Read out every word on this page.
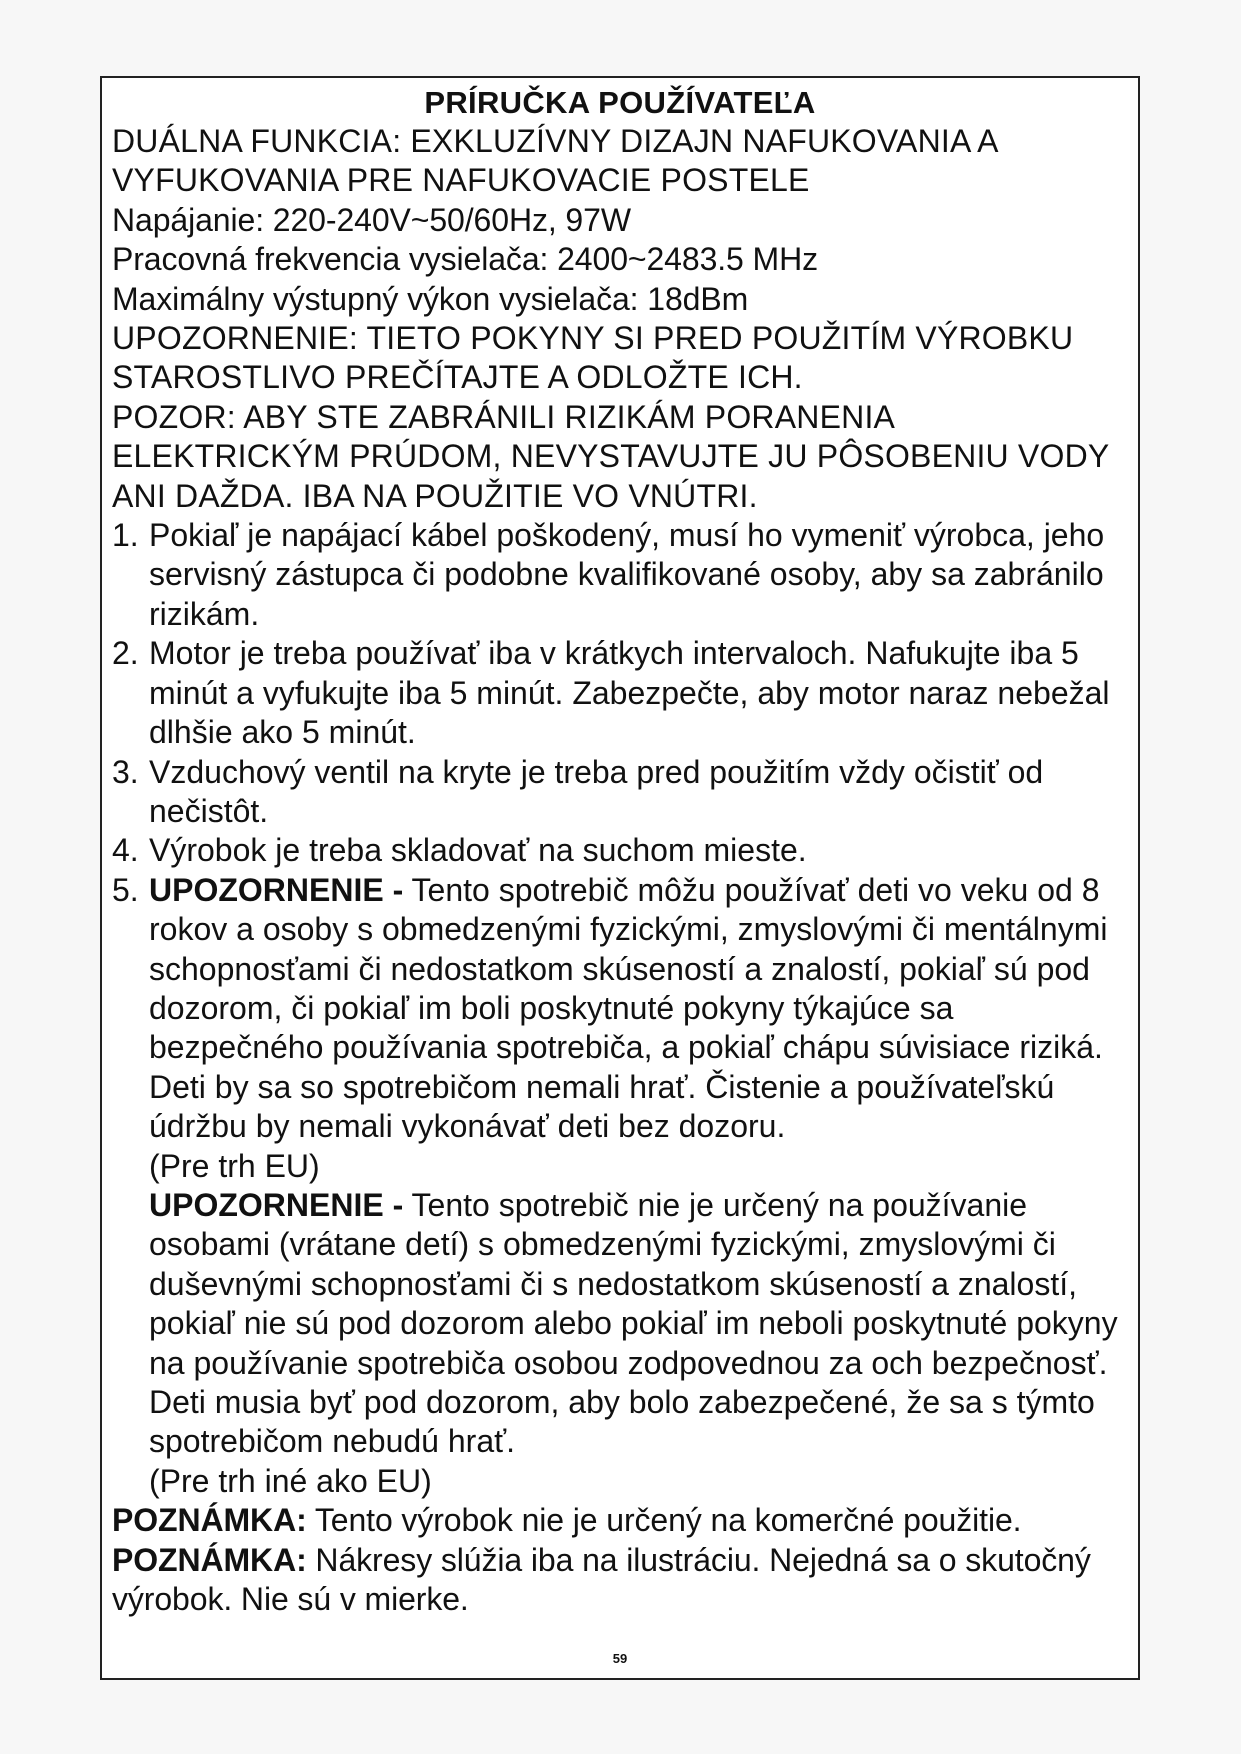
PRÍRUČKA POUŽÍVATEĽA

DUÁLNA FUNKCIA: EXKLUZÍVNY DIZAJN NAFUKOVANIA A VYFUKOVANIA PRE NAFUKOVACIE POSTELE

Napájanie: 220-240V~50/60Hz, 97W

Pracovná frekvencia vysielača: 2400~2483.5 MHz

Maximálny výstupný výkon vysielača: 18dBm

UPOZORNENIE: TIETO POKYNY SI PRED POUŽITÍM VÝROBKU STAROSTLIVO PREČÍTAJTE A ODLOŽTE ICH.

POZOR: ABY STE ZABRÁNILI RIZIKÁM PORANENIA ELEKTRICKÝM PRÚDOM, NEVYSTAVUJTE JU PÔSOBENIU VODY ANI DAŽDA. IBA NA POUŽITIE VO VNÚTRI.

1. Pokiaľ je napájací kábel poškodený, musí ho vymeniť výrobca, jeho servisný zástupca či podobne kvalifikované osoby, aby sa zabránilo rizikám.
2. Motor je treba používať iba v krátkych intervaloch. Nafukujte iba 5 minút a vyfukujte iba 5 minút. Zabezpečte, aby motor naraz nebežal dlhšie ako 5 minút.
3. Vzduchový ventil na kryte je treba pred použitím vždy očistiť od nečistôt.
4. Výrobok je treba skladovať na suchom mieste.
5. UPOZORNENIE - Tento spotrebič môžu používať deti vo veku od 8 rokov a osoby s obmedzenými fyzickými, zmyslovými či mentálnymi schopnosťami či nedostatkom skúseností a znalostí, pokiaľ sú pod dozorom, či pokiaľ im boli poskytnuté pokyny týkajúce sa bezpečného používania spotrebiča, a pokiaľ chápu súvisiace riziká. Deti by sa so spotrebičom nemali hrať. Čistenie a používateľskú údržbu by nemali vykonávať deti bez dozoru.

(Pre trh EU)

UPOZORNENIE - Tento spotrebič nie je určený na používanie osobami (vrátane detí) s obmedzenými fyzickými, zmyslovými či duševnými schopnosťami či s nedostatkom skúseností a znalostí, pokiaľ nie sú pod dozorom alebo pokiaľ im neboli poskytnuté pokyny na používanie spotrebiča osobou zodpovednou za och bezpečnosť. Deti musia byť pod dozorom, aby bolo zabezpečené, že sa s týmto spotrebičom nebudú hrať.

(Pre trh iné ako EU)

POZNÁMKA: Tento výrobok nie je určený na komerčné použitie.

POZNÁMKA: Nákresy slúžia iba na ilustráciu. Nejedná sa o skutočný výrobok. Nie sú v mierke.

59
